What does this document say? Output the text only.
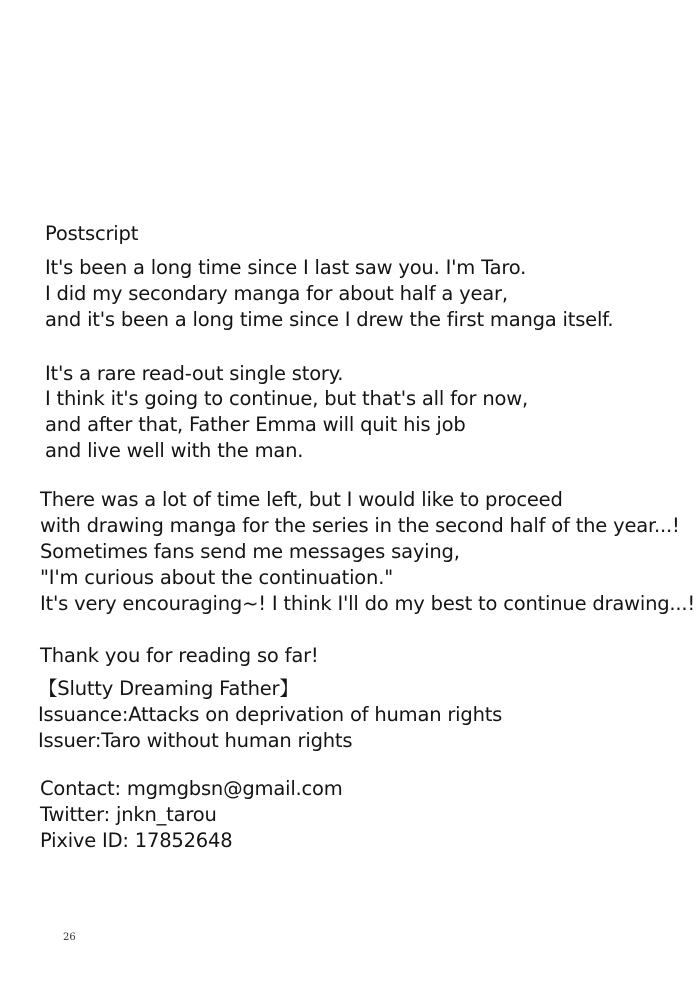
Postscript
It's been a long time since I last saw you. I'm Taro.
I did my secondary manga for about half a year,
and it's been a long time since I drew the first manga itself.
It's a rare read-out single story.
I think it's going to continue, but that's all for now,
and after that, Father Emma will quit his job
and live well with the man.
There was a lot of time left, but I would like to proceed
with drawing manga for the series in the second half of the year...!
Sometimes fans send me messages saying,
"I'm curious about the continuation."
It's very encouraging~! I think I'll do my best to continue drawing...!
Thank you for reading so far!
【Slutty Dreaming Father】
Issuance:Attacks on deprivation of human rights
Issuer:Taro without human rights
Contact: mgmgbsn@gmail.com
Twitter: jnkn_tarou
Pixive ID: 17852648
26
